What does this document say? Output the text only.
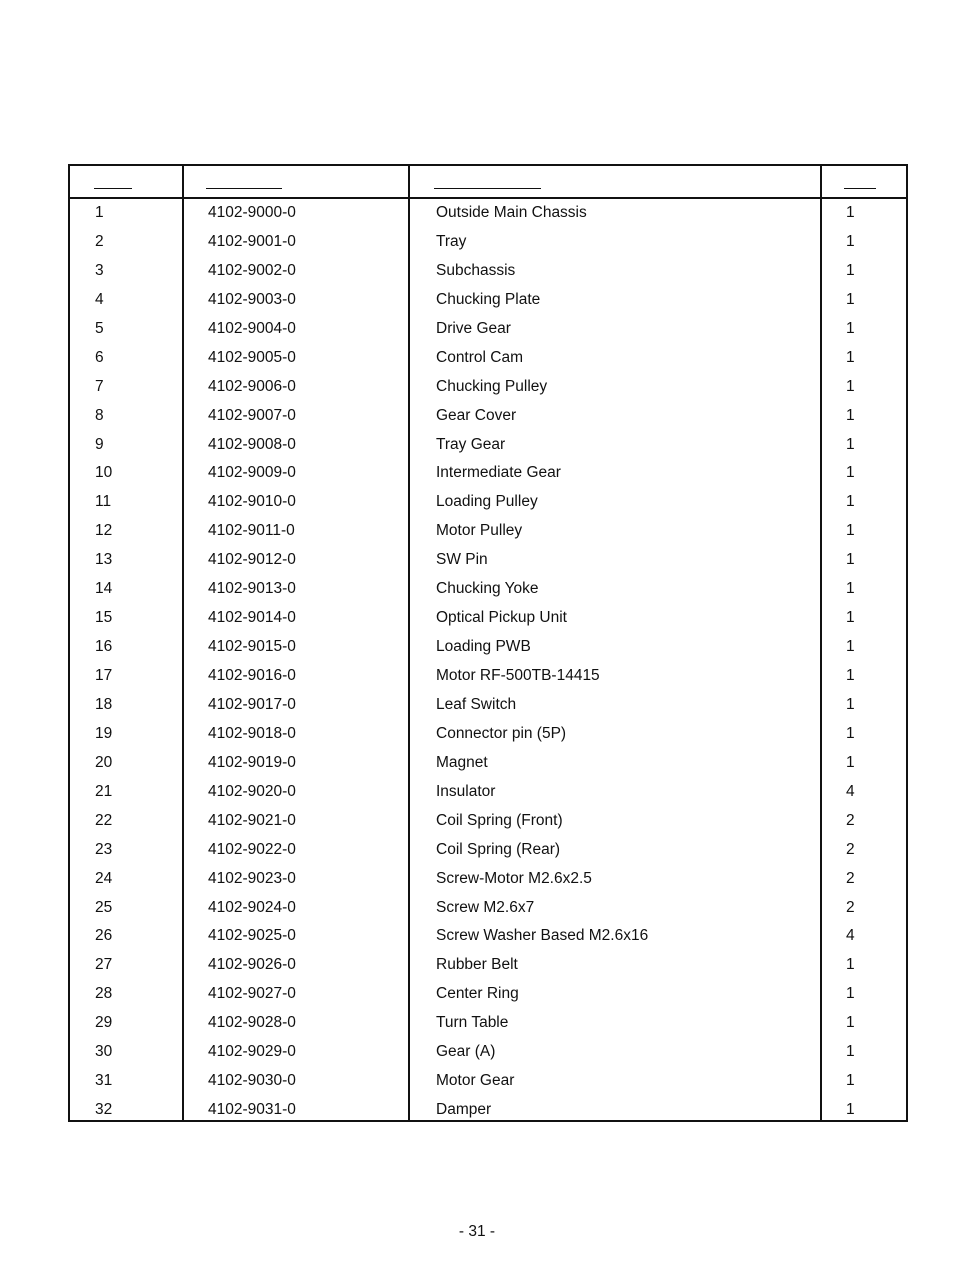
1	4102-9000-0	Outside Main Chassis	1
2	4102-9001-0	Tray	1
3	4102-9002-0	Subchassis	1
4	4102-9003-0	Chucking Plate	1
5	4102-9004-0	Drive Gear	1
6	4102-9005-0	Control Cam	1
7	4102-9006-0	Chucking Pulley	1
8	4102-9007-0	Gear Cover	1
9	4102-9008-0	Tray Gear	1
10	4102-9009-0	Intermediate Gear	1
11	4102-9010-0	Loading Pulley	1
12	4102-9011-0	Motor Pulley	1
13	4102-9012-0	SW Pin	1
14	4102-9013-0	Chucking Yoke	1
15	4102-9014-0	Optical Pickup Unit	1
16	4102-9015-0	Loading PWB	1
17	4102-9016-0	Motor RF-500TB-14415	1
18	4102-9017-0	Leaf Switch	1
19	4102-9018-0	Connector pin (5P)	1
20	4102-9019-0	Magnet	1
21	4102-9020-0	Insulator	4
22	4102-9021-0	Coil Spring (Front)	2
23	4102-9022-0	Coil Spring (Rear)	2
24	4102-9023-0	Screw-Motor M2.6x2.5	2
25	4102-9024-0	Screw M2.6x7	2
26	4102-9025-0	Screw Washer Based M2.6x16	4
27	4102-9026-0	Rubber Belt	1
28	4102-9027-0	Center Ring	1
29	4102-9028-0	Turn Table	1
30	4102-9029-0	Gear (A)	1
31	4102-9030-0	Motor Gear	1
32	4102-9031-0	Damper	1
- 31 -
